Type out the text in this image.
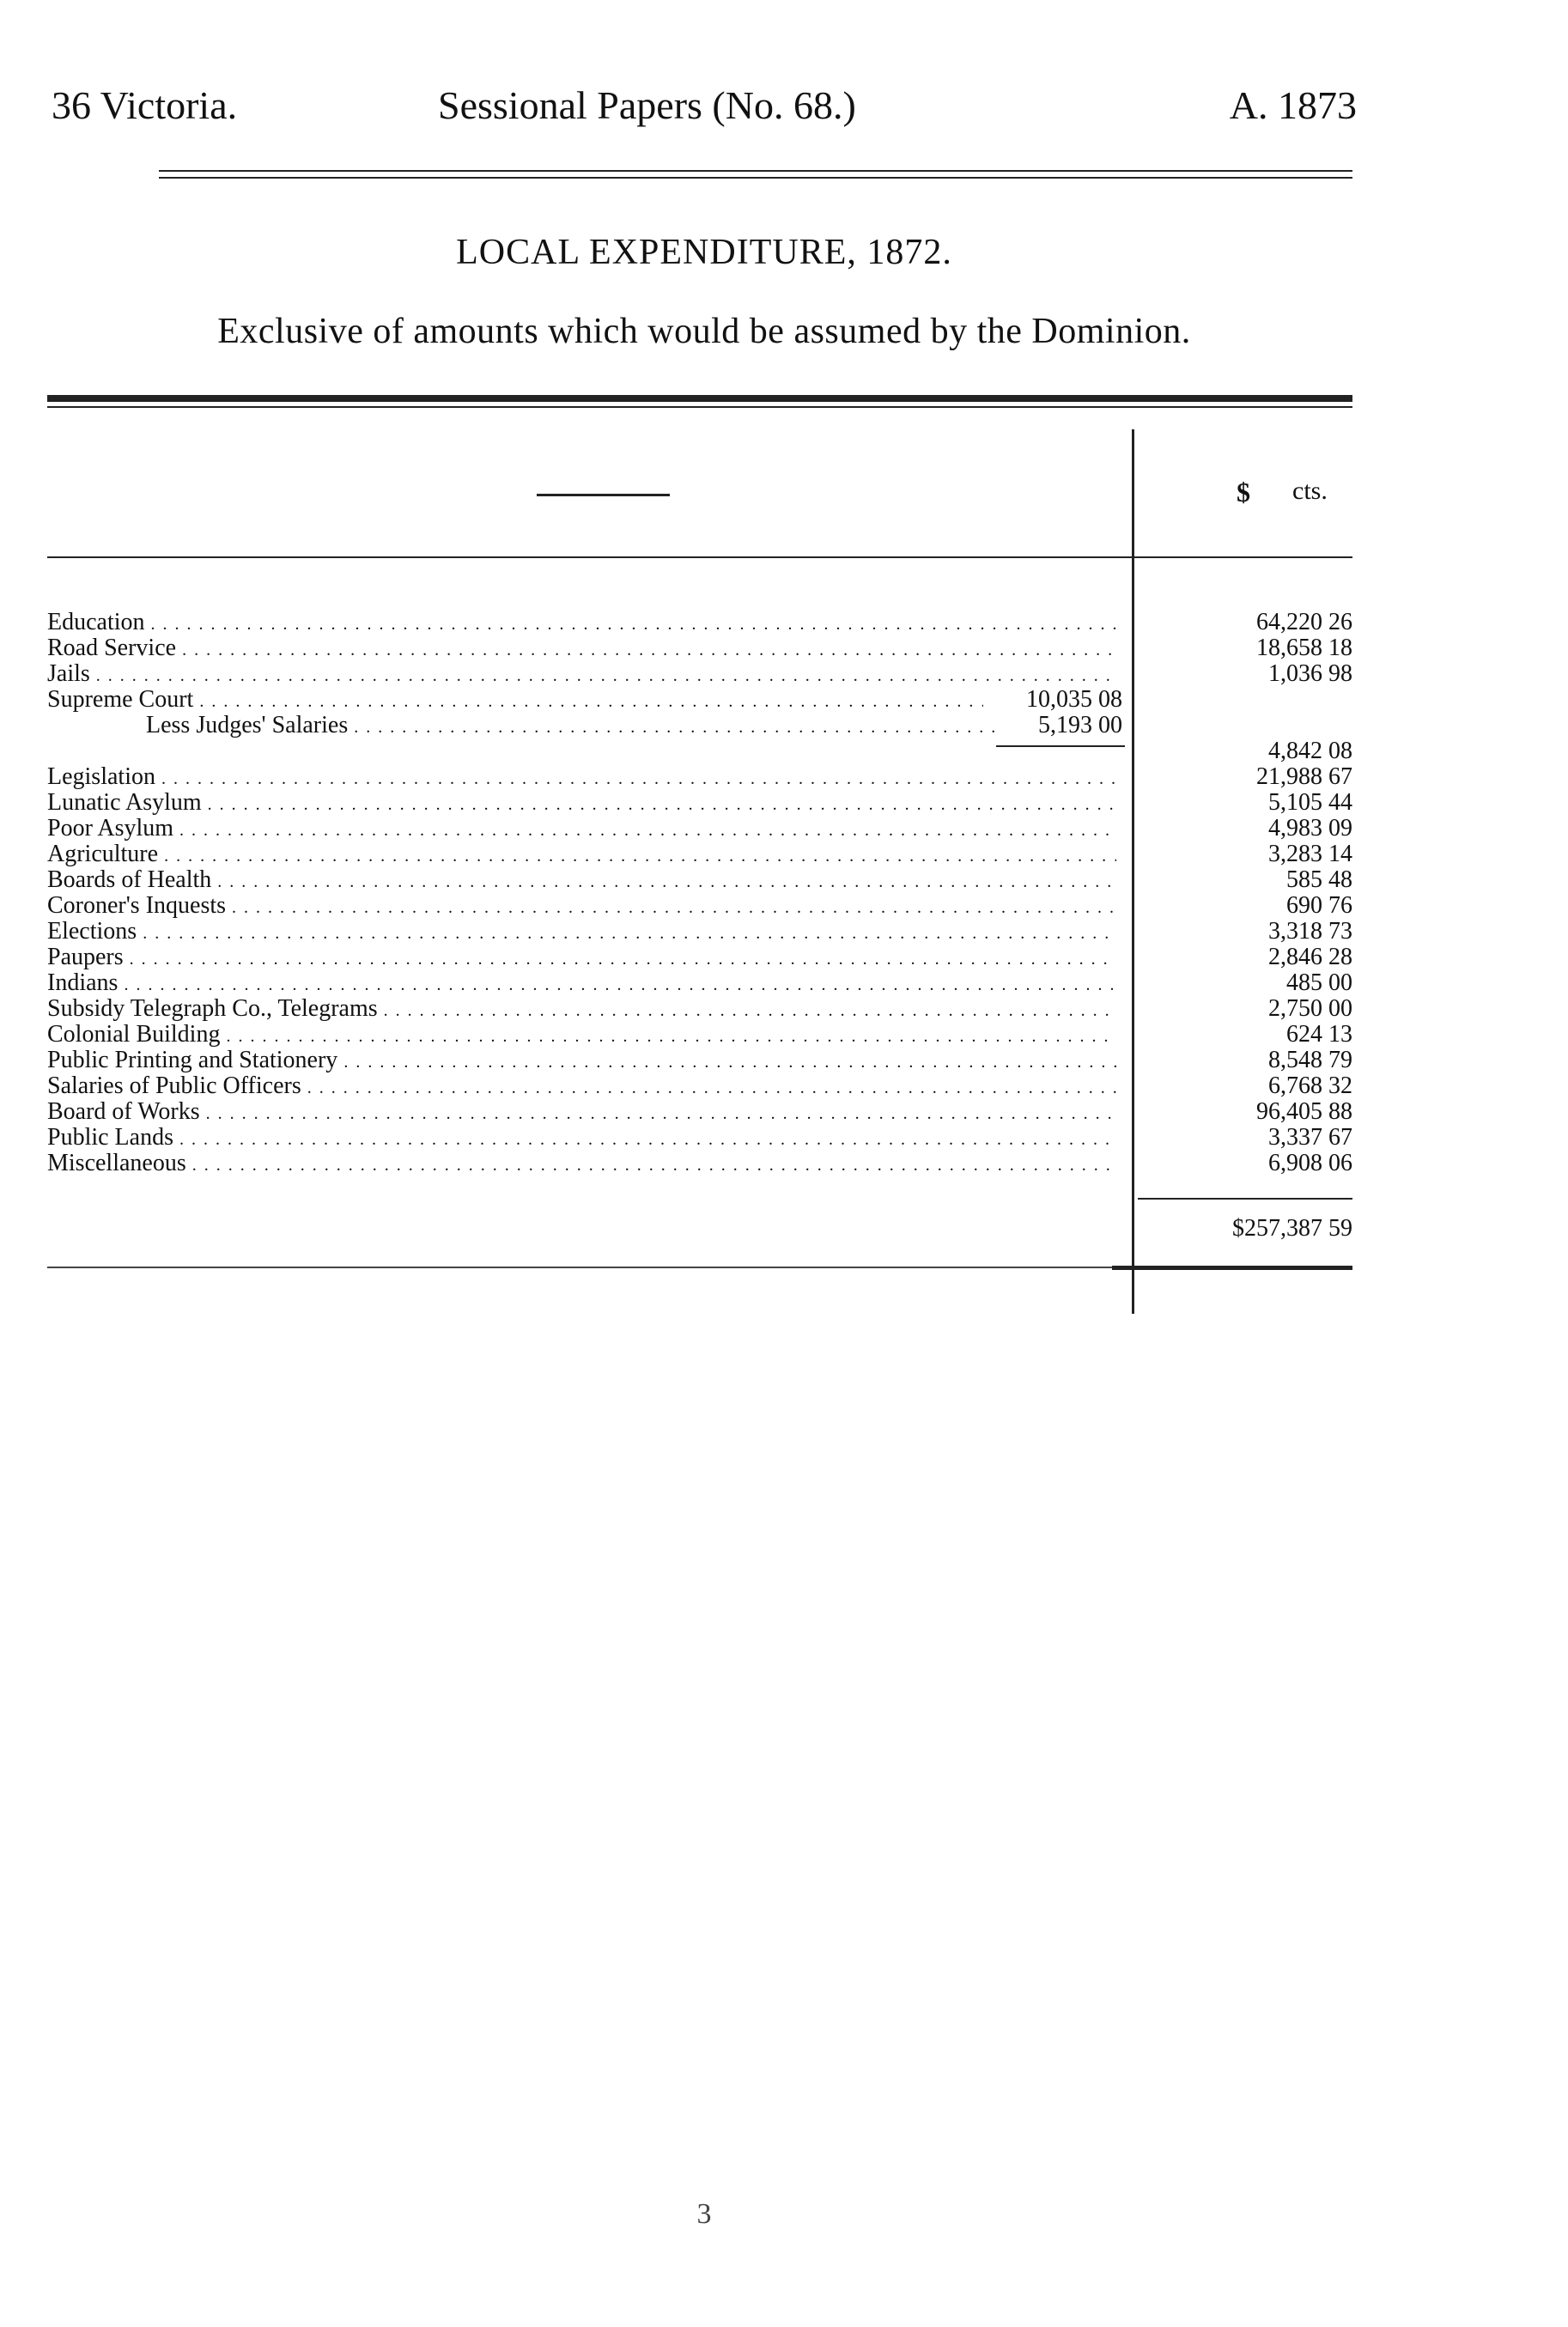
36 Victoria.	Sessional Papers (No. 68.)	A. 1873
LOCAL EXPENDITURE, 1872.
Exclusive of amounts which would be assumed by the Dominion.
$ cts.
Education . . .	64,220 26
Road Service . . .	18,658 18
Jails . . .	1,036 98
Supreme Court . . .	10,035 08
Less Judges' Salaries . . .	5,193 00
4,842 08
Legislation . . .	21,988 67
Lunatic Asylum . . .	5,105 44
Poor Asylum . . .	4,983 09
Agriculture . . .	3,283 14
Boards of Health . . .	585 48
Coroner's Inquests . . .	690 76
Elections . . .	3,318 73
Paupers . . .	2,846 28
Indians . . .	485 00
Subsidy Telegraph Co., Telegrams . . .	2,750 00
Colonial Building . . .	624 13
Public Printing and Stationery . . .	8,548 79
Salaries of Public Officers . . .	6,768 32
Board of Works . . .	96,405 88
Public Lands . . .	3,337 67
Miscellaneous . . .	6,908 06
$257,387 59
3
